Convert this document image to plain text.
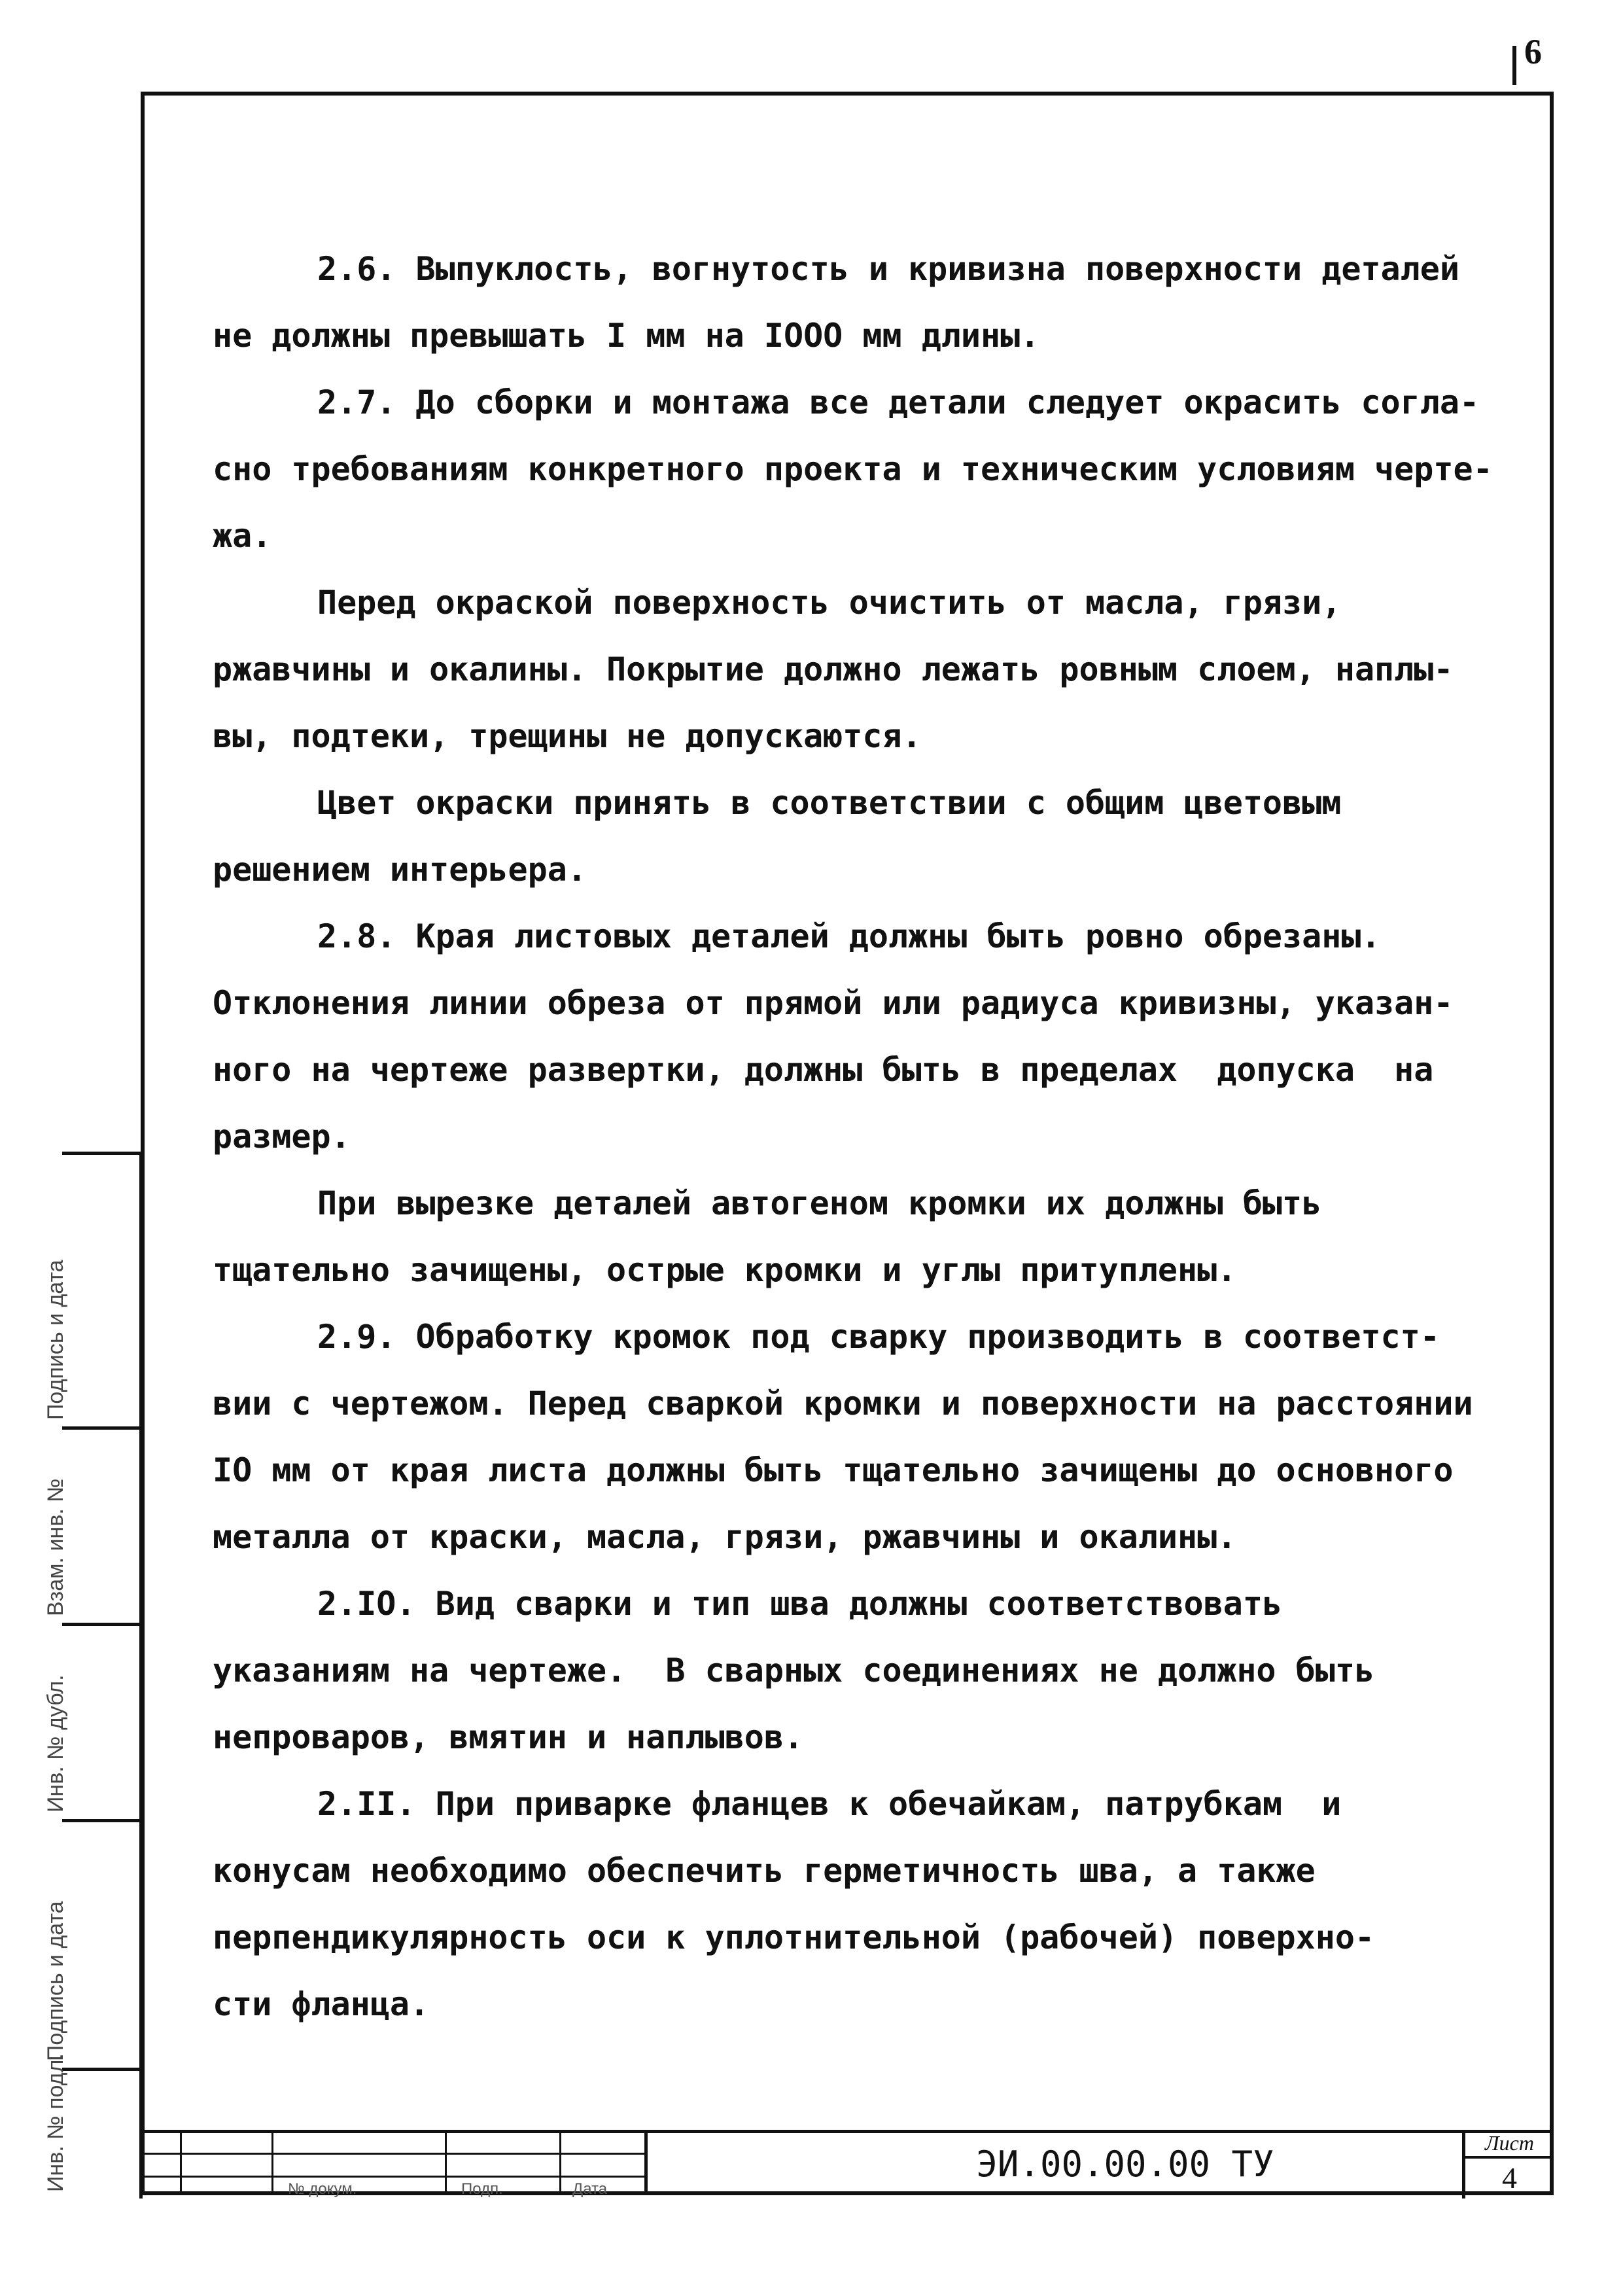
6
2.6. Выпуклость, вогнутость и кривизна поверхности деталей
не должны превышать I мм на IOOO мм длины.
2.7. До сборки и монтажа все детали следует окрасить согла-
сно требованиям конкретного проекта и техническим условиям черте-
жа.
Перед окраской поверхность очистить от масла, грязи,
ржавчины и окалины. Покрытие должно лежать ровным слоем, наплы-
вы, подтеки, трещины не допускаются.
Цвет окраски принять в соответствии с общим цветовым
решением интерьера.
2.8. Края листовых деталей должны быть ровно обрезаны.
Отклонения линии обреза от прямой или радиуса кривизны, указан-
ного на чертеже развертки, должны быть в пределах  допуска  на
размер.
При вырезке деталей автогеном кромки их должны быть
тщательно зачищены, острые кромки и углы притуплены.
2.9. Обработку кромок под сварку производить в соответст-
вии с чертежом. Перед сваркой кромки и поверхности на расстоянии
IO мм от края листа должны быть тщательно зачищены до основного
металла от краски, масла, грязи, ржавчины и окалины.
2.IO. Вид сварки и тип шва должны соответствовать
указаниям на чертеже.  В сварных соединениях не должно быть
непроваров, вмятин и наплывов.
2.II. При приварке фланцев к обечайкам, патрубкам  и
конусам необходимо обеспечить герметичность шва, а также
перпендикулярность оси к уплотнительной (рабочей) поверхно-
сти фланца.
Подпись и дата
Взам. инв. №
Инв. № дубл.
Подпись и дата
Инв. № подл.	№ докум.	Подп.	Дата
ЭИ.00.00.00 ТУ
Лист
4
